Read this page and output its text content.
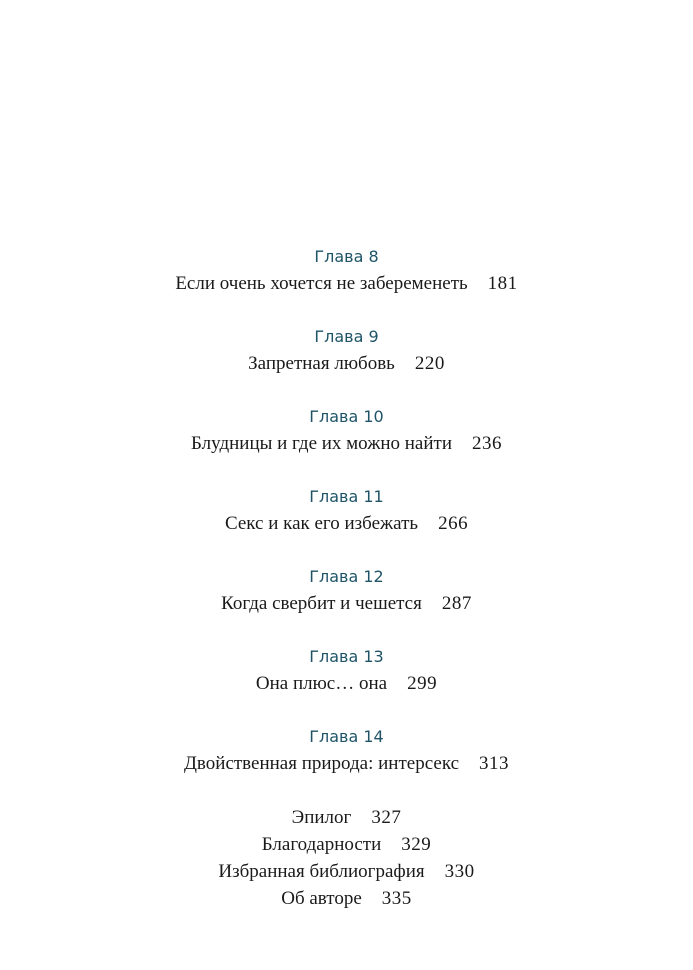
Глава 8
Если очень хочется не забеременеть 181
Глава 9
Запретная любовь 220
Глава 10
Блудницы и где их можно найти 236
Глава 11
Секс и как его избежать 266
Глава 12
Когда свербит и чешется 287
Глава 13
Она плюс… она 299
Глава 14
Двойственная природа: интерсекс 313
Эпилог 327
Благодарности 329
Избранная библиография 330
Об авторе 335
